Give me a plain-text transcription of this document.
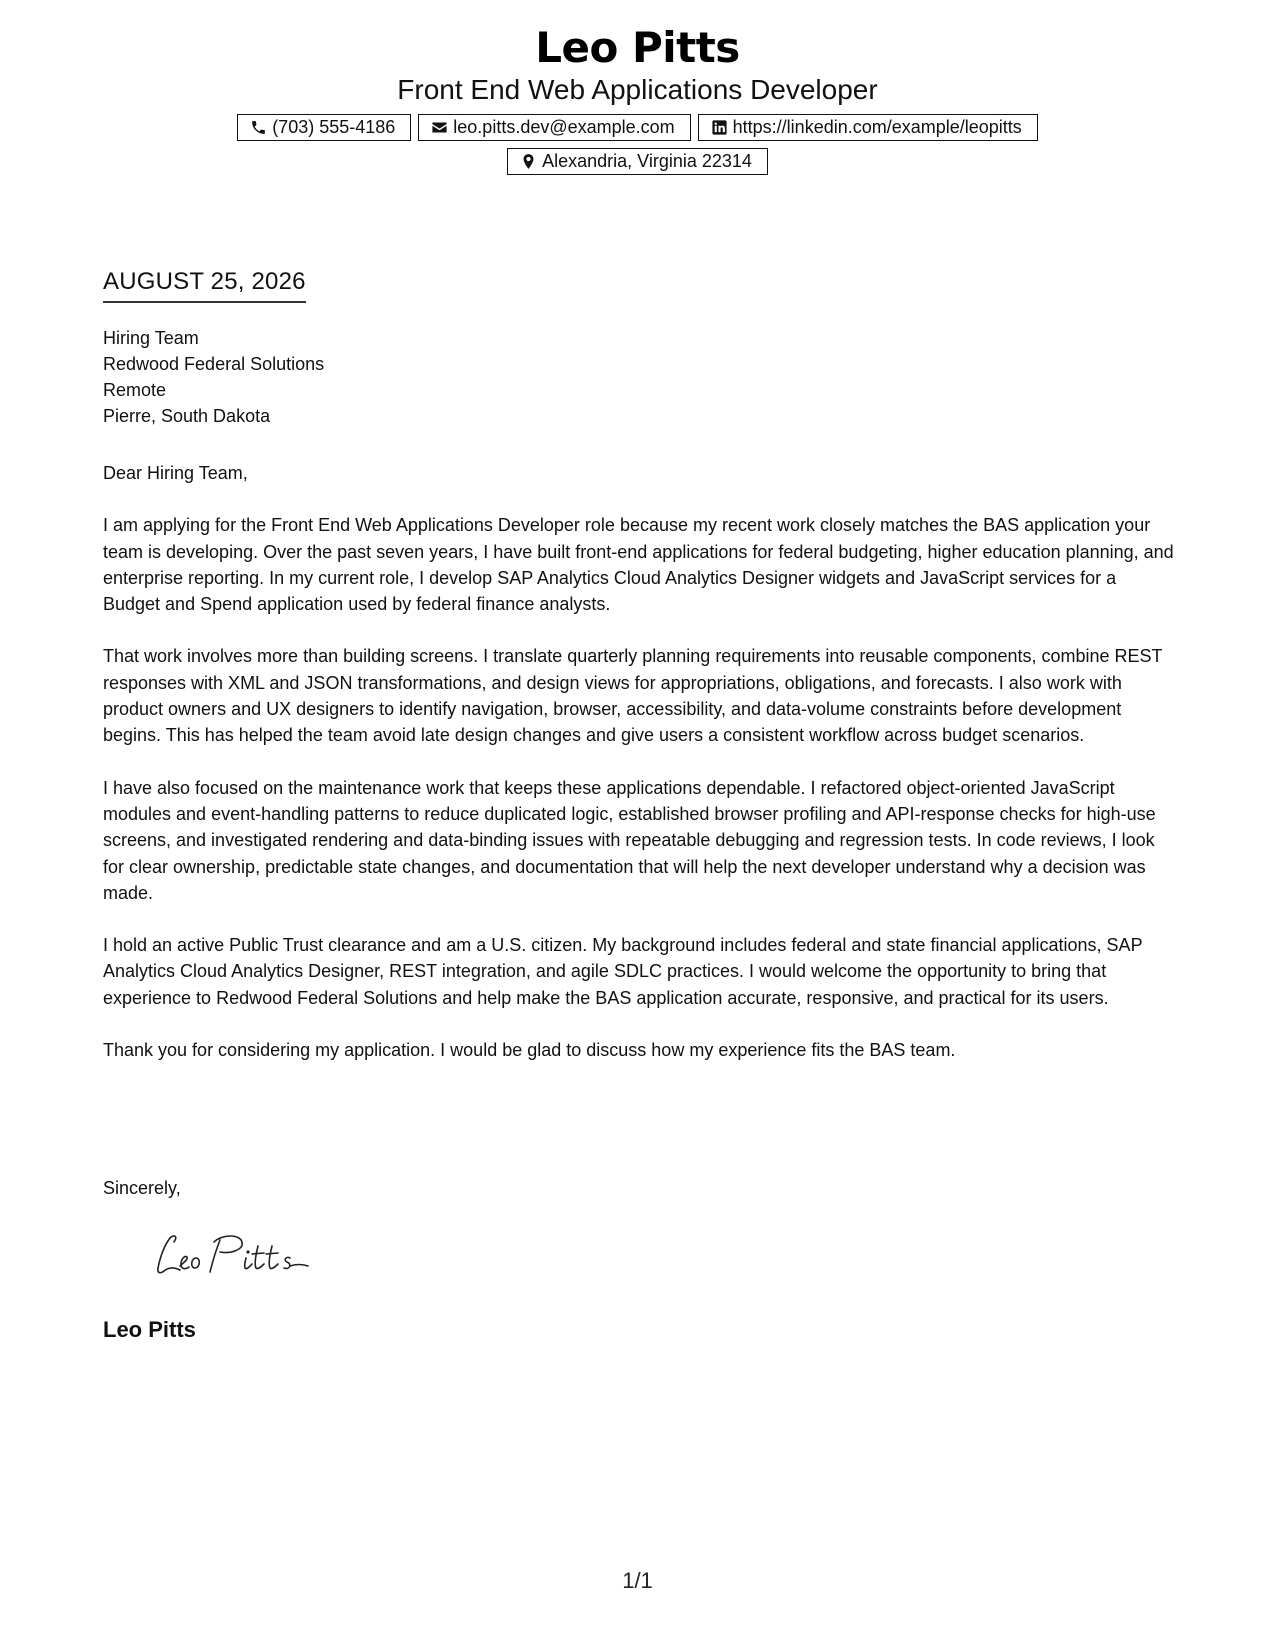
Leo Pitts
Front End Web Applications Developer
(703) 555-4186	leo.pitts.dev@example.com	https://linkedin.com/example/leopitts
Alexandria, Virginia 22314
AUGUST 25, 2026
Hiring Team
Redwood Federal Solutions
Remote
Pierre, South Dakota
Dear Hiring Team,

I am applying for the Front End Web Applications Developer role because my recent work closely matches the BAS application your team is developing. Over the past seven years, I have built front-end applications for federal budgeting, higher education planning, and enterprise reporting. In my current role, I develop SAP Analytics Cloud Analytics Designer widgets and JavaScript services for a Budget and Spend application used by federal finance analysts.

That work involves more than building screens. I translate quarterly planning requirements into reusable components, combine REST responses with XML and JSON transformations, and design views for appropriations, obligations, and forecasts. I also work with product owners and UX designers to identify navigation, browser, accessibility, and data-volume constraints before development begins. This has helped the team avoid late design changes and give users a consistent workflow across budget scenarios.

I have also focused on the maintenance work that keeps these applications dependable. I refactored object-oriented JavaScript modules and event-handling patterns to reduce duplicated logic, established browser profiling and API-response checks for high-use screens, and investigated rendering and data-binding issues with repeatable debugging and regression tests. In code reviews, I look for clear ownership, predictable state changes, and documentation that will help the next developer understand why a decision was made.

I hold an active Public Trust clearance and am a U.S. citizen. My background includes federal and state financial applications, SAP Analytics Cloud Analytics Designer, REST integration, and agile SDLC practices. I would welcome the opportunity to bring that experience to Redwood Federal Solutions and help make the BAS application accurate, responsive, and practical for its users.

Thank you for considering my application. I would be glad to discuss how my experience fits the BAS team.

Sincerely,
Leo Pitts
1/1
